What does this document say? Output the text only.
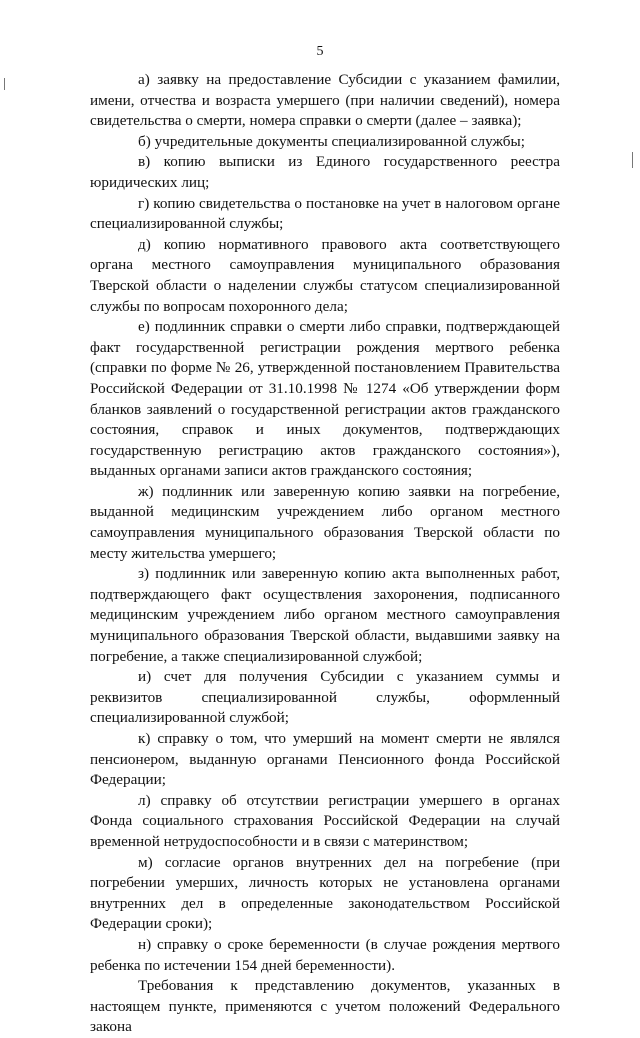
5

а) заявку на предоставление Субсидии с указанием фамилии, имени, отчества и возраста умершего (при наличии сведений), номера свидетельства о смерти, номера справки о смерти (далее – заявка);

б) учредительные документы специализированной службы;

в) копию выписки из Единого государственного реестра юридических лиц;

г) копию свидетельства о постановке на учет в налоговом органе специализированной службы;

д) копию нормативного правового акта соответствующего органа местного самоуправления муниципального образования Тверской области о наделении службы статусом специализированной службы по вопросам похоронного дела;

е) подлинник справки о смерти либо справки, подтверждающей факт государственной регистрации рождения мертвого ребенка (справки по форме № 26, утвержденной постановлением Правительства Российской Федерации от 31.10.1998 № 1274 «Об утверждении форм бланков заявлений о государственной регистрации актов гражданского состояния, справок и иных документов, подтверждающих государственную регистрацию актов гражданского состояния»), выданных органами записи актов гражданского состояния;

ж) подлинник или заверенную копию заявки на погребение, выданной медицинским учреждением либо органом местного самоуправления муниципального образования Тверской области по месту жительства умершего;

з) подлинник или заверенную копию акта выполненных работ, подтверждающего факт осуществления захоронения, подписанного медицинским учреждением либо органом местного самоуправления муниципального образования Тверской области, выдавшими заявку на погребение, а также специализированной службой;

и) счет для получения Субсидии с указанием суммы и реквизитов специализированной службы, оформленный специализированной службой;

к) справку о том, что умерший на момент смерти не являлся пенсионером, выданную органами Пенсионного фонда Российской Федерации;

л) справку об отсутствии регистрации умершего в органах Фонда социального страхования Российской Федерации на случай временной нетрудоспособности и в связи с материнством;

м) согласие органов внутренних дел на погребение (при погребении умерших, личность которых не установлена органами внутренних дел в определенные законодательством Российской Федерации сроки);

н) справку о сроке беременности (в случае рождения мертвого ребенка по истечении 154 дней беременности).

Требования к представлению документов, указанных в настоящем пункте, применяются с учетом положений Федерального закона
